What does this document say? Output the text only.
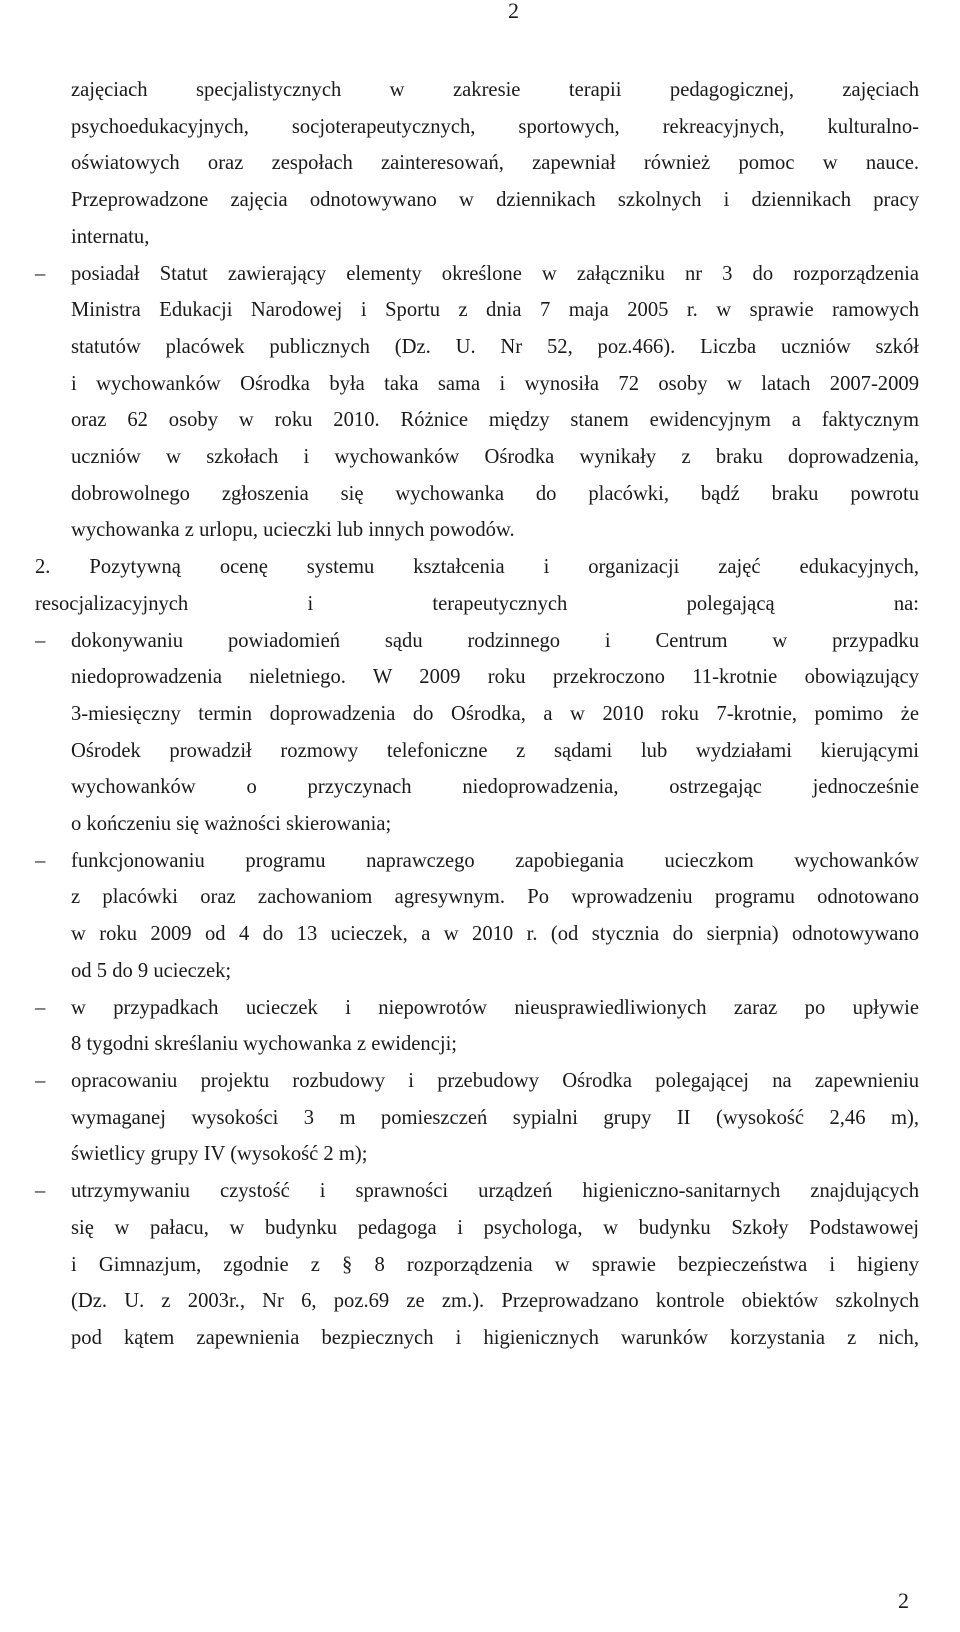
2
zajęciach specjalistycznych w zakresie terapii pedagogicznej, zajęciach
psychoedukacyjnych, socjoterapeutycznych, sportowych, rekreacyjnych, kulturalno-
oświatowych oraz zespołach zainteresowań, zapewniał również pomoc w nauce.
Przeprowadzone zajęcia odnotowywano w dziennikach szkolnych i dziennikach pracy
internatu,
– posiadał Statut zawierający elementy określone w załączniku nr 3 do rozporządzenia
Ministra Edukacji Narodowej i Sportu z dnia 7 maja 2005 r. w sprawie ramowych
statutów placówek publicznych (Dz. U. Nr 52, poz.466). Liczba uczniów szkół
i wychowanków Ośrodka była taka sama i wynosiła 72 osoby w latach 2007-2009
oraz 62 osoby w roku 2010. Różnice między stanem ewidencyjnym a faktycznym
uczniów w szkołach i wychowanków Ośrodka wynikały z braku doprowadzenia,
dobrowolnego zgłoszenia się wychowanka do placówki, bądź braku powrotu
wychowanka z urlopu, ucieczki lub innych powodów.
2. Pozytywną ocenę systemu kształcenia i organizacji zajęć edukacyjnych,
resocjalizacyjnych i terapeutycznych polegającą na:
– dokonywaniu powiadomień sądu rodzinnego i Centrum w przypadku
niedoprowadzenia nieletniego. W 2009 roku przekroczono 11-krotnie obowiązujący
3-miesięczny termin doprowadzenia do Ośrodka, a w 2010 roku 7-krotnie, pomimo że
Ośrodek prowadził rozmowy telefoniczne z sądami lub wydziałami kierującymi
wychowanków o przyczynach niedoprowadzenia, ostrzegając jednocześnie
o kończeniu się ważności skierowania;
– funkcjonowaniu programu naprawczego zapobiegania ucieczkom wychowanków
z placówki oraz zachowaniom agresywnym. Po wprowadzeniu programu odnotowano
w roku 2009 od 4 do 13 ucieczek, a w 2010 r. (od stycznia do sierpnia) odnotowywano
od 5 do 9 ucieczek;
– w przypadkach ucieczek i niepowrotów nieusprawiedliwionych zaraz po upływie
8 tygodni skreślaniu wychowanka z ewidencji;
– opracowaniu projektu rozbudowy i przebudowy Ośrodka polegającej na zapewnieniu
wymaganej wysokości 3 m pomieszczeń sypialni grupy II (wysokość 2,46 m),
świetlicy grupy IV (wysokość 2 m);
– utrzymywaniu czystość i sprawności urządzeń higieniczno-sanitarnych znajdujących
się w pałacu, w budynku pedagoga i psychologa, w budynku Szkoły Podstawowej
i Gimnazjum, zgodnie z § 8 rozporządzenia w sprawie bezpieczeństwa i higieny
(Dz. U. z 2003r., Nr 6, poz.69 ze zm.). Przeprowadzano kontrole obiektów szkolnych
pod kątem zapewnienia bezpiecznych i higienicznych warunków korzystania z nich,
2
